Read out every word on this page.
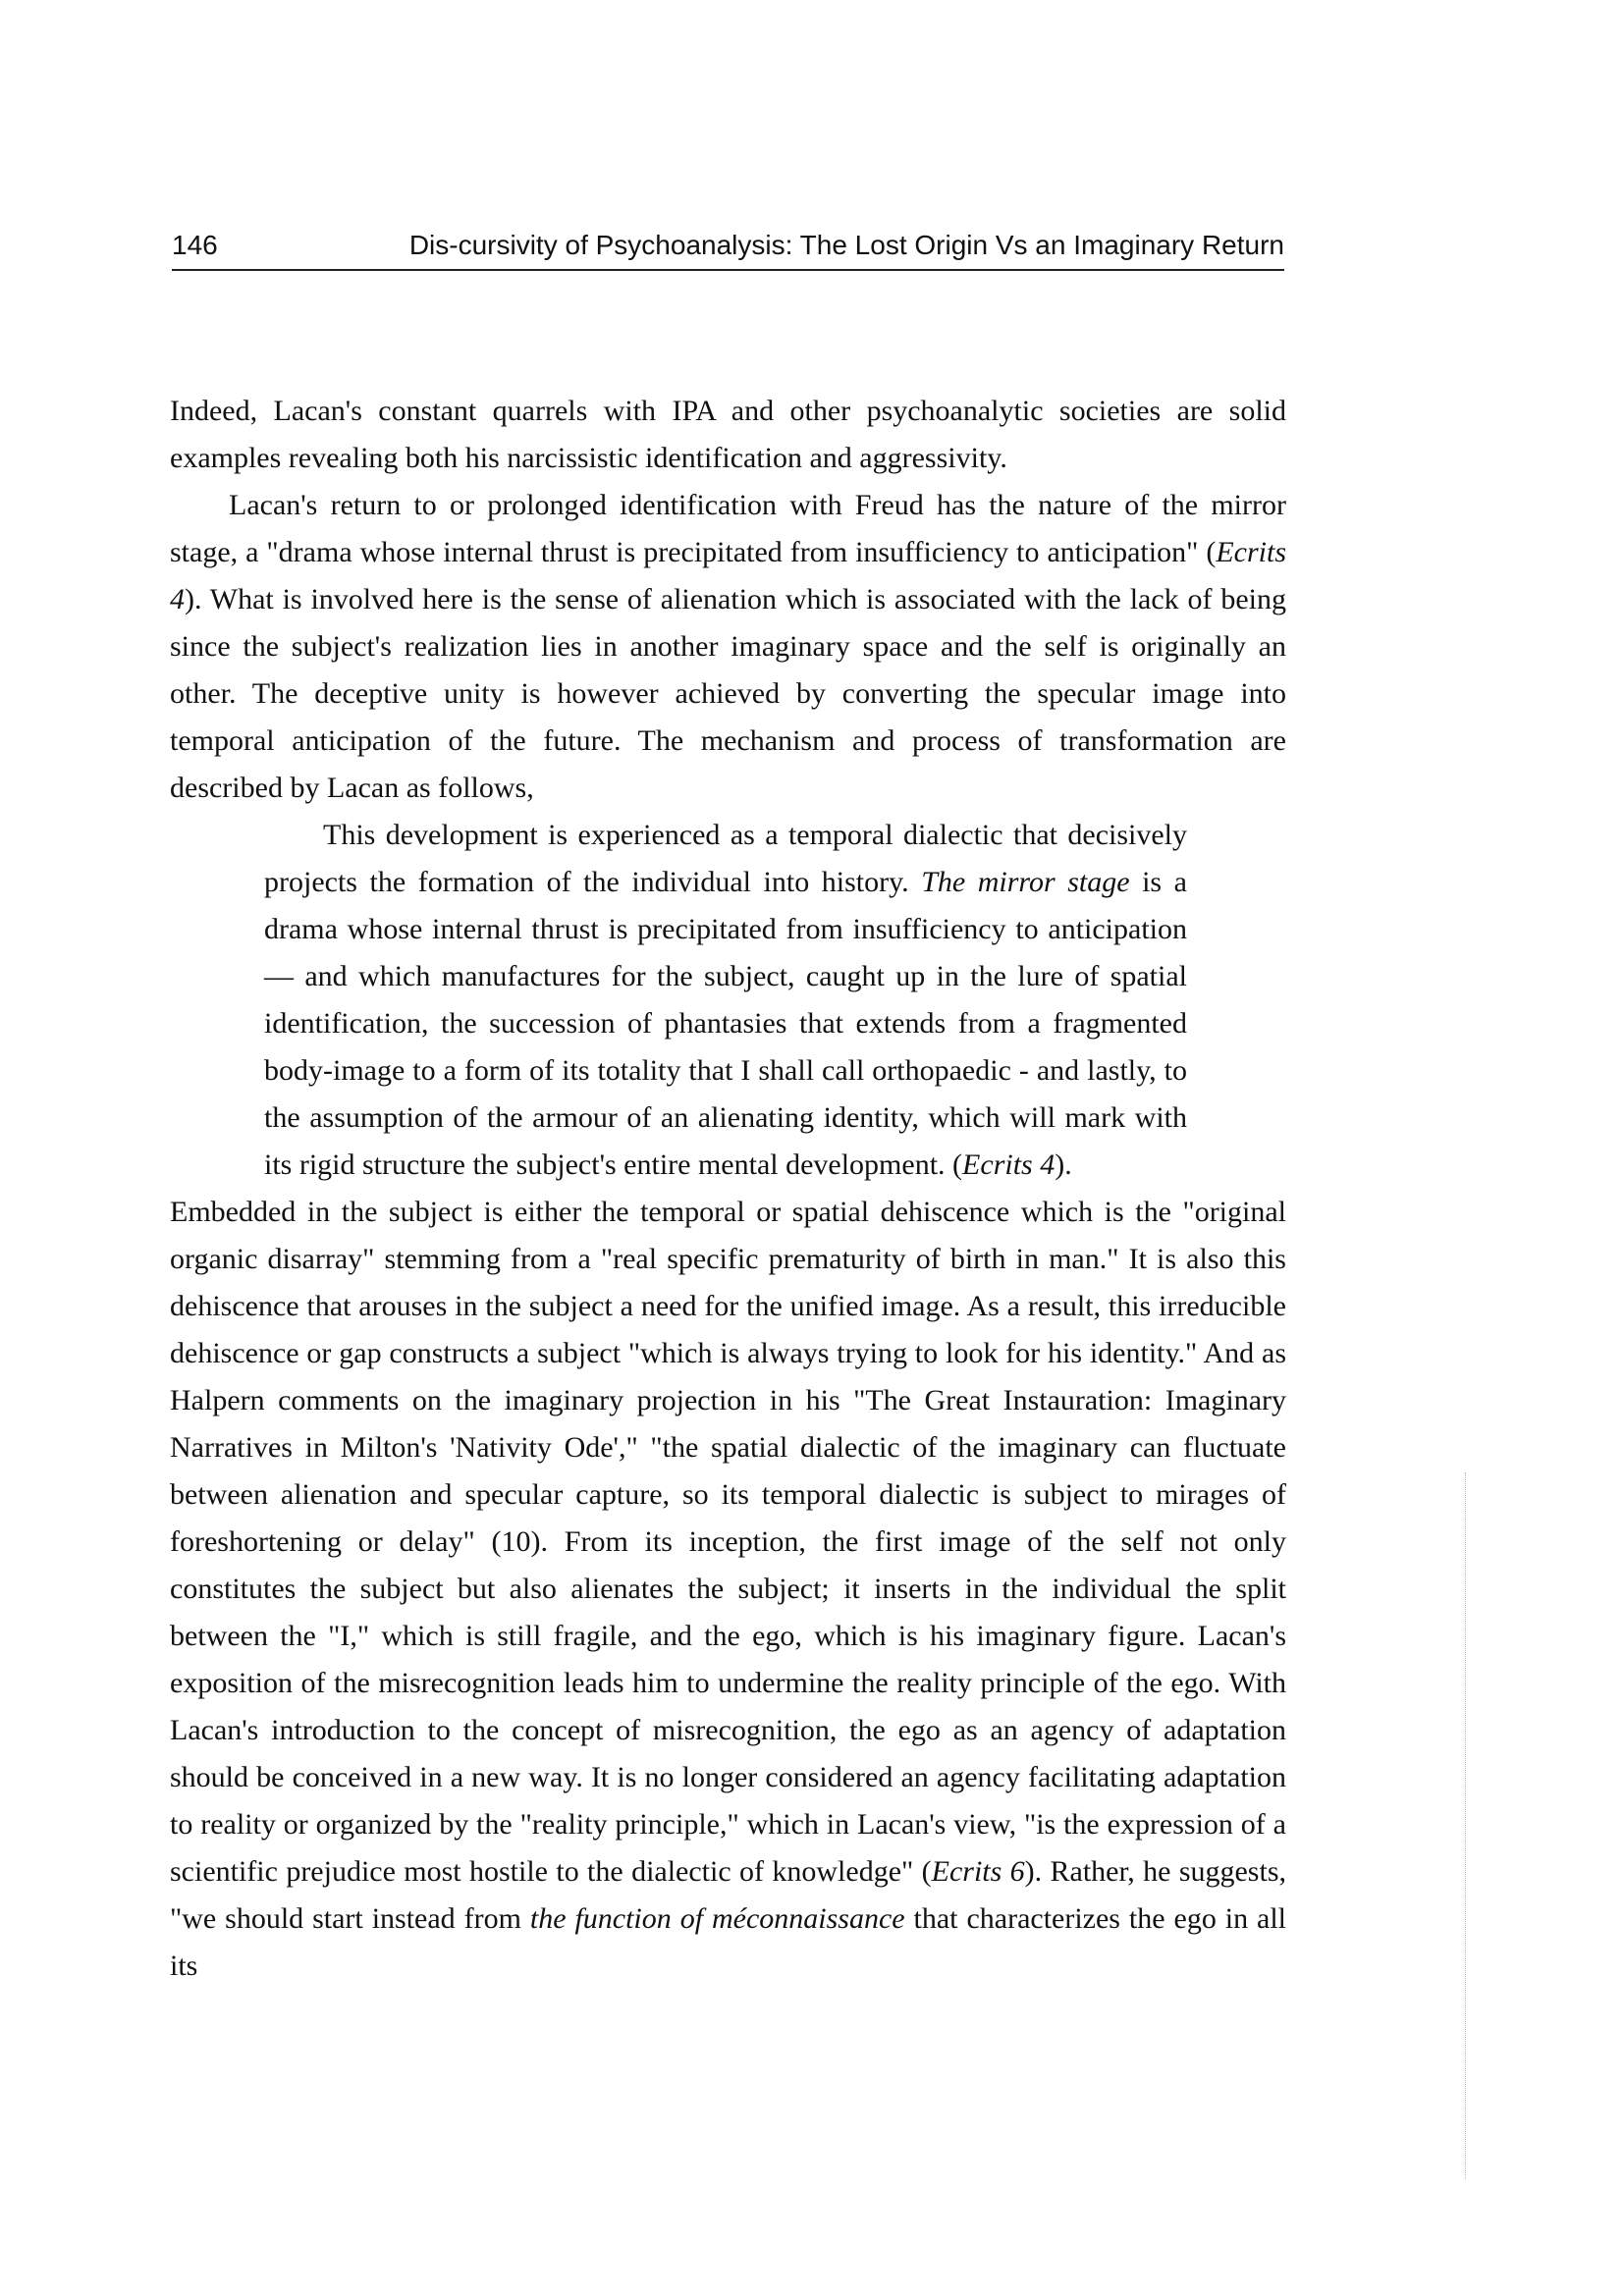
146	Dis-cursivity of Psychoanalysis: The Lost Origin Vs an Imaginary Return

Indeed, Lacan's constant quarrels with IPA and other psychoanalytic societies are solid examples revealing both his narcissistic identification and aggressivity.

Lacan's return to or prolonged identification with Freud has the nature of the mirror stage, a "drama whose internal thrust is precipitated from insufficiency to anticipation" (Ecrits 4). What is involved here is the sense of alienation which is associated with the lack of being since the subject's realization lies in another imaginary space and the self is originally an other. The deceptive unity is however achieved by converting the specular image into temporal anticipation of the future. The mechanism and process of transformation are described by Lacan as follows,

This development is experienced as a temporal dialectic that decisively projects the formation of the individual into history. The mirror stage is a drama whose internal thrust is precipitated from insufficiency to anticipation — and which manufactures for the subject, caught up in the lure of spatial identification, the succession of phantasies that extends from a fragmented body-image to a form of its totality that I shall call orthopaedic - and lastly, to the assumption of the armour of an alienating identity, which will mark with its rigid structure the subject's entire mental development. (Ecrits 4).

Embedded in the subject is either the temporal or spatial dehiscence which is the "original organic disarray" stemming from a "real specific prematurity of birth in man." It is also this dehiscence that arouses in the subject a need for the unified image. As a result, this irreducible dehiscence or gap constructs a subject "which is always trying to look for his identity." And as Halpern comments on the imaginary projection in his "The Great Instauration: Imaginary Narratives in Milton's 'Nativity Ode'," "the spatial dialectic of the imaginary can fluctuate between alienation and specular capture, so its temporal dialectic is subject to mirages of foreshortening or delay" (10). From its inception, the first image of the self not only constitutes the subject but also alienates the subject; it inserts in the individual the split between the "I," which is still fragile, and the ego, which is his imaginary figure. Lacan's exposition of the misrecognition leads him to undermine the reality principle of the ego. With Lacan's introduction to the concept of misrecognition, the ego as an agency of adaptation should be conceived in a new way. It is no longer considered an agency facilitating adaptation to reality or organized by the "reality principle," which in Lacan's view, "is the expression of a scientific prejudice most hostile to the dialectic of knowledge" (Ecrits 6). Rather, he suggests, "we should start instead from the function of méconnaissance that characterizes the ego in all its
